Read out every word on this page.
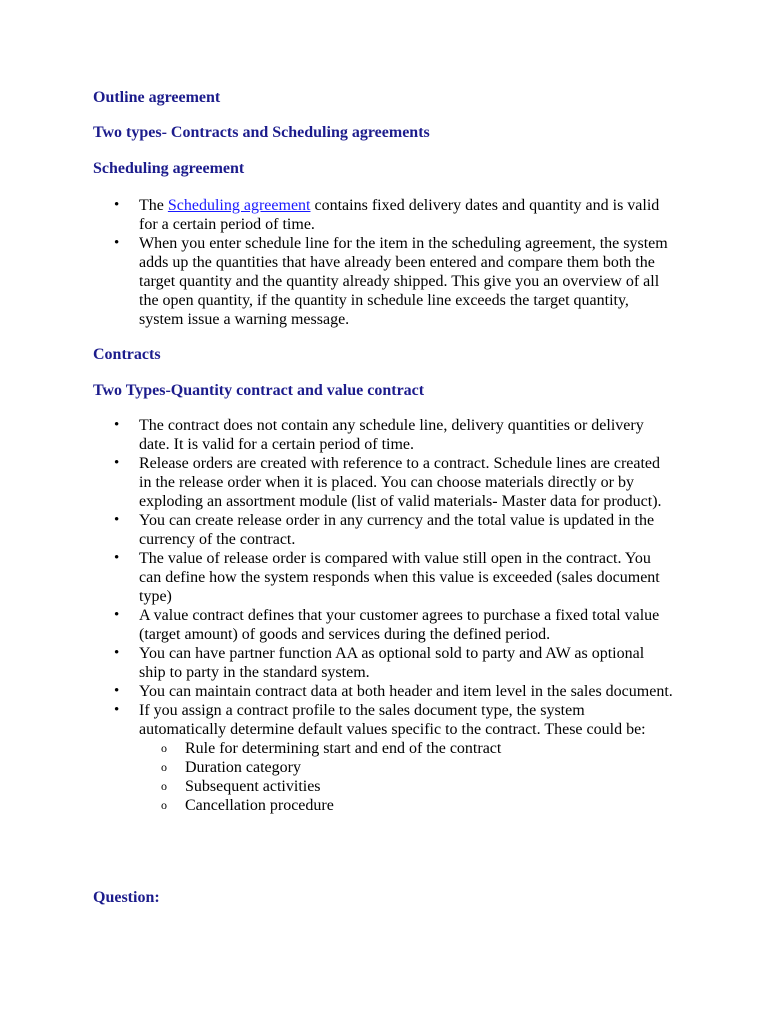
Outline agreement

Two types- Contracts and Scheduling agreements

Scheduling agreement

• The Scheduling agreement contains fixed delivery dates and quantity and is valid for a certain period of time.
• When you enter schedule line for the item in the scheduling agreement, the system adds up the quantities that have already been entered and compare them both the target quantity and the quantity already shipped. This give you an overview of all the open quantity, if the quantity in schedule line exceeds the target quantity, system issue a warning message.

Contracts

Two Types-Quantity contract and value contract

• The contract does not contain any schedule line, delivery quantities or delivery date. It is valid for a certain period of time.
• Release orders are created with reference to a contract. Schedule lines are created in the release order when it is placed. You can choose materials directly or by exploding an assortment module (list of valid materials- Master data for product).
• You can create release order in any currency and the total value is updated in the currency of the contract.
• The value of release order is compared with value still open in the contract. You can define how the system responds when this value is exceeded (sales document type)
• A value contract defines that your customer agrees to purchase a fixed total value (target amount) of goods and services during the defined period.
• You can have partner function AA as optional sold to party and AW as optional ship to party in the standard system.
• You can maintain contract data at both header and item level in the sales document.
• If you assign a contract profile to the sales document type, the system automatically determine default values specific to the contract. These could be:
o Rule for determining start and end of the contract
o Duration category
o Subsequent activities
o Cancellation procedure

Question:
